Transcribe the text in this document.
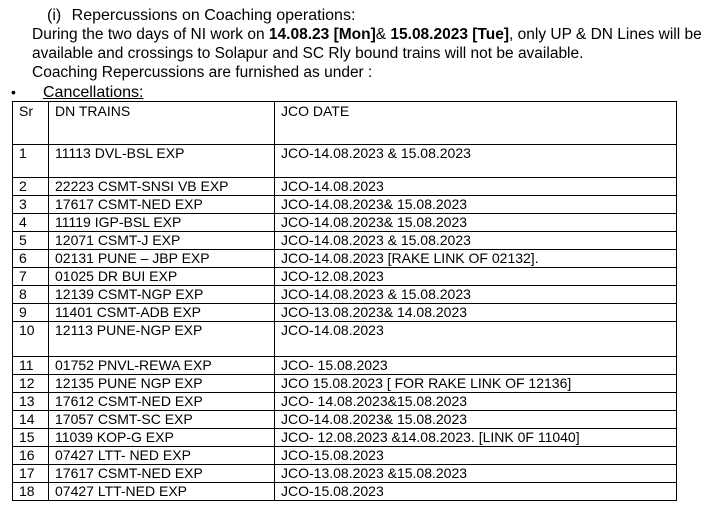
(i) Repercussions on Coaching operations:
During the two days of NI work on 14.08.23 [Mon]& 15.08.2023 [Tue], only UP & DN Lines will be
available and crossings to Solapur and SC Rly bound trains will not be available.
Coaching Repercussions are furnished as under :
• Cancellations:
Sr	DN TRAINS	JCO DATE
1	11113 DVL-BSL EXP	JCO-14.08.2023 & 15.08.2023
2	22223 CSMT-SNSI VB EXP	JCO-14.08.2023
3	17617 CSMT-NED EXP	JCO-14.08.2023& 15.08.2023
4	11119 IGP-BSL EXP	JCO-14.08.2023& 15.08.2023
5	12071 CSMT-J EXP	JCO-14.08.2023 & 15.08.2023
6	02131 PUNE – JBP EXP	JCO-14.08.2023 [RAKE LINK OF 02132].
7	01025 DR BUI EXP	JCO-12.08.2023
8	12139 CSMT-NGP EXP	JCO-14.08.2023 & 15.08.2023
9	11401 CSMT-ADB EXP	JCO-13.08.2023& 14.08.2023
10	12113 PUNE-NGP EXP	JCO-14.08.2023
11	01752 PNVL-REWA EXP	JCO- 15.08.2023
12	12135 PUNE NGP EXP	JCO 15.08.2023 [ FOR RAKE LINK OF 12136]
13	17612 CSMT-NED EXP	JCO- 14.08.2023&15.08.2023
14	17057 CSMT-SC EXP	JCO-14.08.2023& 15.08.2023
15	11039 KOP-G EXP	JCO- 12.08.2023 &14.08.2023. [LINK 0F 11040]
16	07427 LTT- NED EXP	JCO-15.08.2023
17	17617 CSMT-NED EXP	JCO-13.08.2023 &15.08.2023
18	07427 LTT-NED EXP	JCO-15.08.2023
